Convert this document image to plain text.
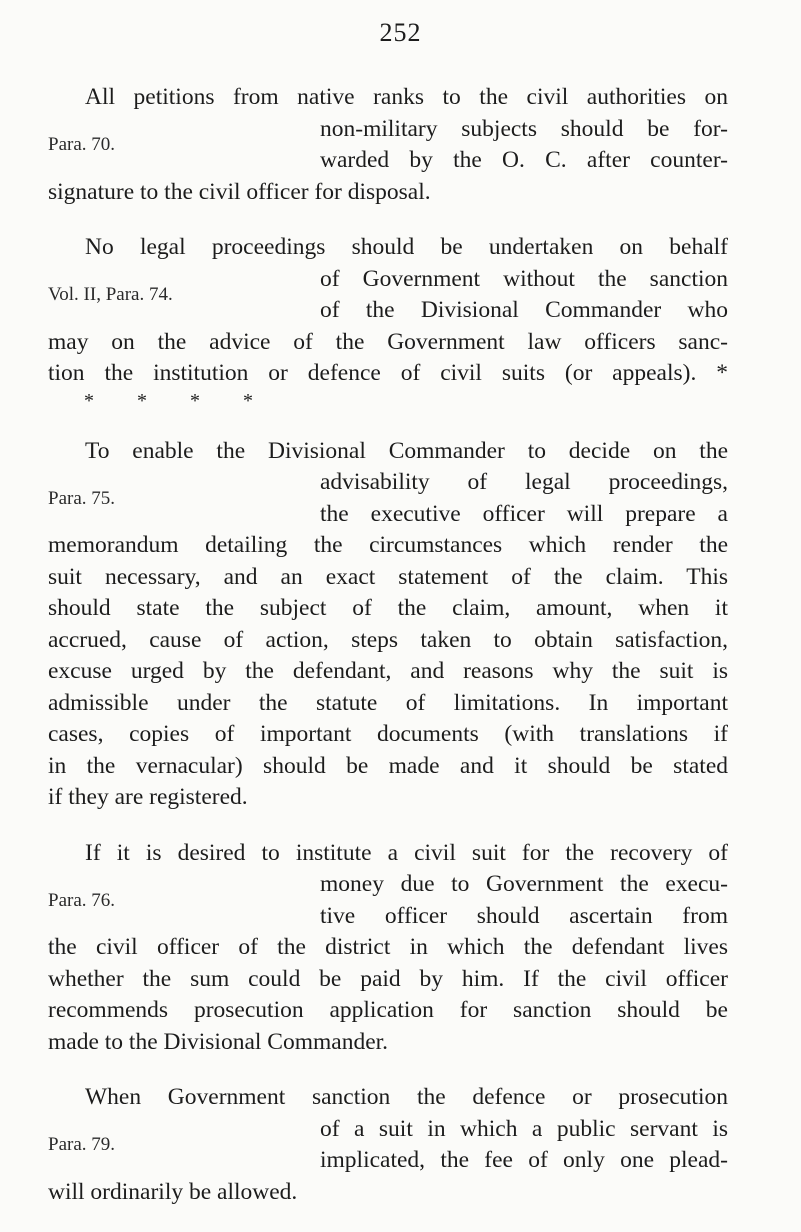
252
Para. 70.
All petitions from native ranks to the civil authorities on
non-military subjects should be for-
warded by the O. C. after counter-
signature to the civil officer for disposal.
Vol. II, Para. 74.
No legal proceedings should be undertaken on behalf
of Government without the sanction
of the Divisional Commander who
may on the advice of the Government law officers sanc-
tion the institution or defence of civil suits (or appeals). *
* * * *
Para. 75.
To enable the Divisional Commander to decide on the
advisability of legal proceedings,
the executive officer will prepare a
memorandum detailing the circumstances which render the
suit necessary, and an exact statement of the claim. This
should state the subject of the claim, amount, when it
accrued, cause of action, steps taken to obtain satisfaction,
excuse urged by the defendant, and reasons why the suit is
admissible under the statute of limitations. In important
cases, copies of important documents (with translations if
in the vernacular) should be made and it should be stated
if they are registered.
Para. 76.
If it is desired to institute a civil suit for the recovery of
money due to Government the execu-
tive officer should ascertain from
the civil officer of the district in which the defendant lives
whether the sum could be paid by him. If the civil officer
recommends prosecution application for sanction should be
made to the Divisional Commander.
Para. 79.
When Government sanction the defence or prosecution
of a suit in which a public servant is
implicated, the fee of only one plead-
will ordinarily be allowed.
